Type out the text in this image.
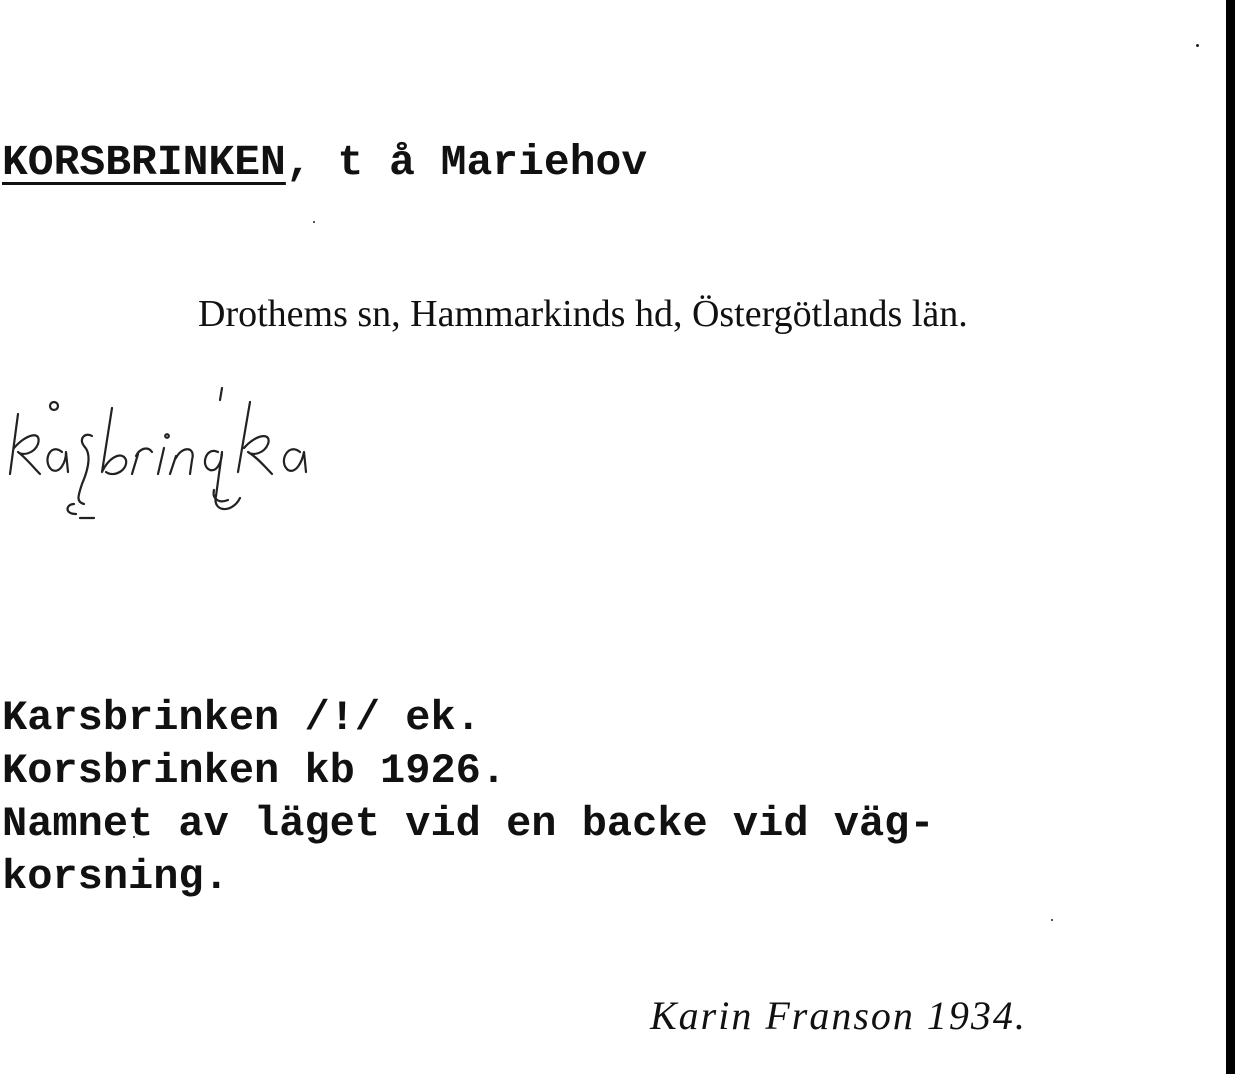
KORSBRINKEN, t å Mariehov
Drothems sn, Hammarkinds hd, Östergötlands län.

Karsbrinken /!/ ek.
Korsbrinken kb 1926.
Namnet av läget vid en backe vid väg-
korsning.

Karin Franson 1934.
